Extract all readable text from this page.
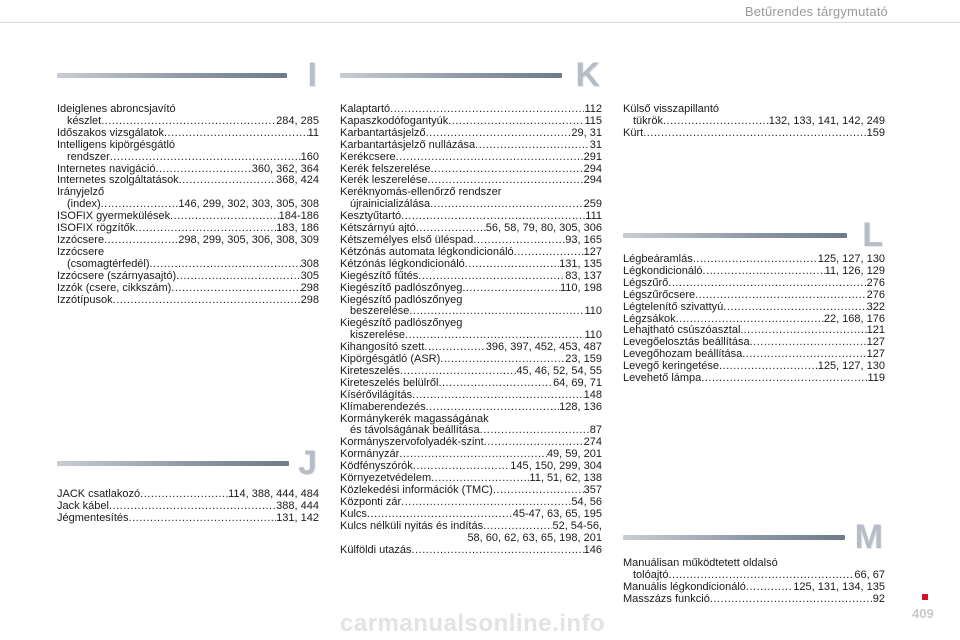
Betűrendes tárgymutató
I	K
L
J
M
Ideiglenes abroncsjavító
készlet .....	284, 285
Időszakos vizsgálatok .....	11
Intelligens kipörgésgátló
rendszer .....	160
Internetes navigáció .....	360, 362, 364
Internetes szolgáltatások .....	368, 424
Irányjelző
(index) .....	146, 299, 302, 303, 305, 308
ISOFIX gyermekülések .....	184-186
ISOFIX rögzítők .....	183, 186
Izzócsere .....	298, 299, 305, 306, 308, 309
Izzócsere
(csomagtérfedél) .....	308
Izzócsere (szárnyasajtó) .....	305
Izzók (csere, cikkszám) .....	298
Izzótípusok .....	298
JACK csatlakozó .....	114, 388, 444, 484
Jack kábel .....	388, 444
Jégmentesítés .....	131, 142
Kalaptartó .....	112
Kapaszkodófogantyúk .....	115
Karbantartásjelző .....	29, 31
Karbantartásjelző nullázása .....	31
Kerékcsere .....	291
Kerék felszerelése .....	294
Kerék leszerelése .....	294
Keréknyomás-ellenőrző rendszer
újrainicializálása .....	259
Kesztyűtartó .....	111
Kétszárnyú ajtó .....	56, 58, 79, 80, 305, 306
Kétszemélyes első üléspad .....	93, 165
Kétzónás automata légkondicionáló .....	127
Kétzónás légkondicionáló .....	131, 135
Kiegészítő fűtés .....	83, 137
Kiegészítő padlószőnyeg .....	110, 198
Kiegészítő padlószőnyeg
beszerelése .....	110
Kiegészítő padlószőnyeg
kiszerelése .....	110
Kihangosító szett .....	396, 397, 452, 453, 487
Kipörgésgátló (ASR) .....	23, 159
Kireteszelés .....	45, 46, 52, 54, 55
Kireteszelés belülről .....	64, 69, 71
Kísérővilágítás .....	148
Klímaberendezés .....	128, 136
Kormánykerék magasságának
és távolságának beállítása .....	87
Kormányszervofolyadék-szint .....	274
Kormányzár .....	49, 59, 201
Ködfényszórók .....	145, 150, 299, 304
Környezetvédelem .....	11, 51, 62, 138
Közlekedési információk (TMC) .....	357
Központi zár .....	54, 56
Kulcs .....	45-47, 63, 65, 195
Kulcs nélküli nyitás és indítás .....	52, 54-56,
58, 60, 62, 63, 65, 198, 201
Külföldi utazás .....	146
Külső visszapillantó
tükrök .....	132, 133, 141, 142, 249
Kürt .....	159
Légbeáramlás .....	125, 127, 130
Légkondicionáló .....	11, 126, 129
Légszűrő .....	276
Légszűrőcsere .....	276
Légtelenítő szivattyú .....	322
Légzsákok .....	22, 168, 176
Lehajtható csúszóasztal. .....	121
Levegőelosztás beállítása .....	127
Levegőhozam beállítása .....	127
Levegő keringetése .....	125, 127, 130
Levehető lámpa .....	119
Manuálisan működtetett oldalsó
tolóajtó .....	66, 67
Manuális légkondicionáló .....	125, 131, 134, 135
Masszázs funkció .....	92
carmanualsonline.info	409
